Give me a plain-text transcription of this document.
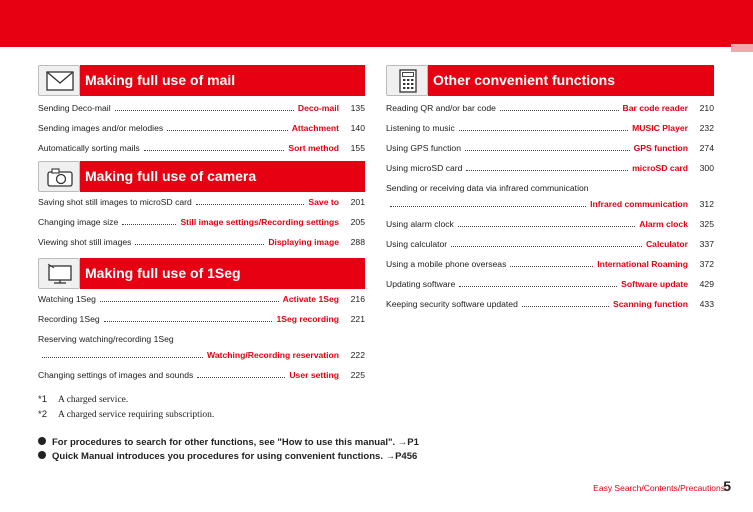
Making full use of mail
Sending Deco-mail	Deco-mail	135
Sending images and/or melodies	Attachment	140
Automatically sorting mails	Sort method	155
Making full use of camera
Saving shot still images to microSD card	Save to	201
Changing image size	Still image settings/Recording settings	205
Viewing shot still images	Displaying image	288
Making full use of 1Seg
Watching 1Seg	Activate 1Seg	216
Recording 1Seg	1Seg recording	221
Reserving watching/recording 1Seg
Watching/Recording reservation	222
Changing settings of images and sounds	User setting	225
Other convenient functions
Reading QR and/or bar code	Bar code reader	210
Listening to music	MUSIC Player	232
Using GPS function	GPS function	274
Using microSD card	microSD card	300
Sending or receiving data via infrared communication
Infrared communication	312
Using alarm clock	Alarm clock	325
Using calculator	Calculator	337
Using a mobile phone overseas	International Roaming	372
Updating software	Software update	429
Keeping security software updated	Scanning function	433
*1 A charged service.
*2 A charged service requiring subscription.
For procedures to search for other functions, see "How to use this manual". →P1
Quick Manual introduces you procedures for using convenient functions. →P456
Easy Search/Contents/Precautions
5
